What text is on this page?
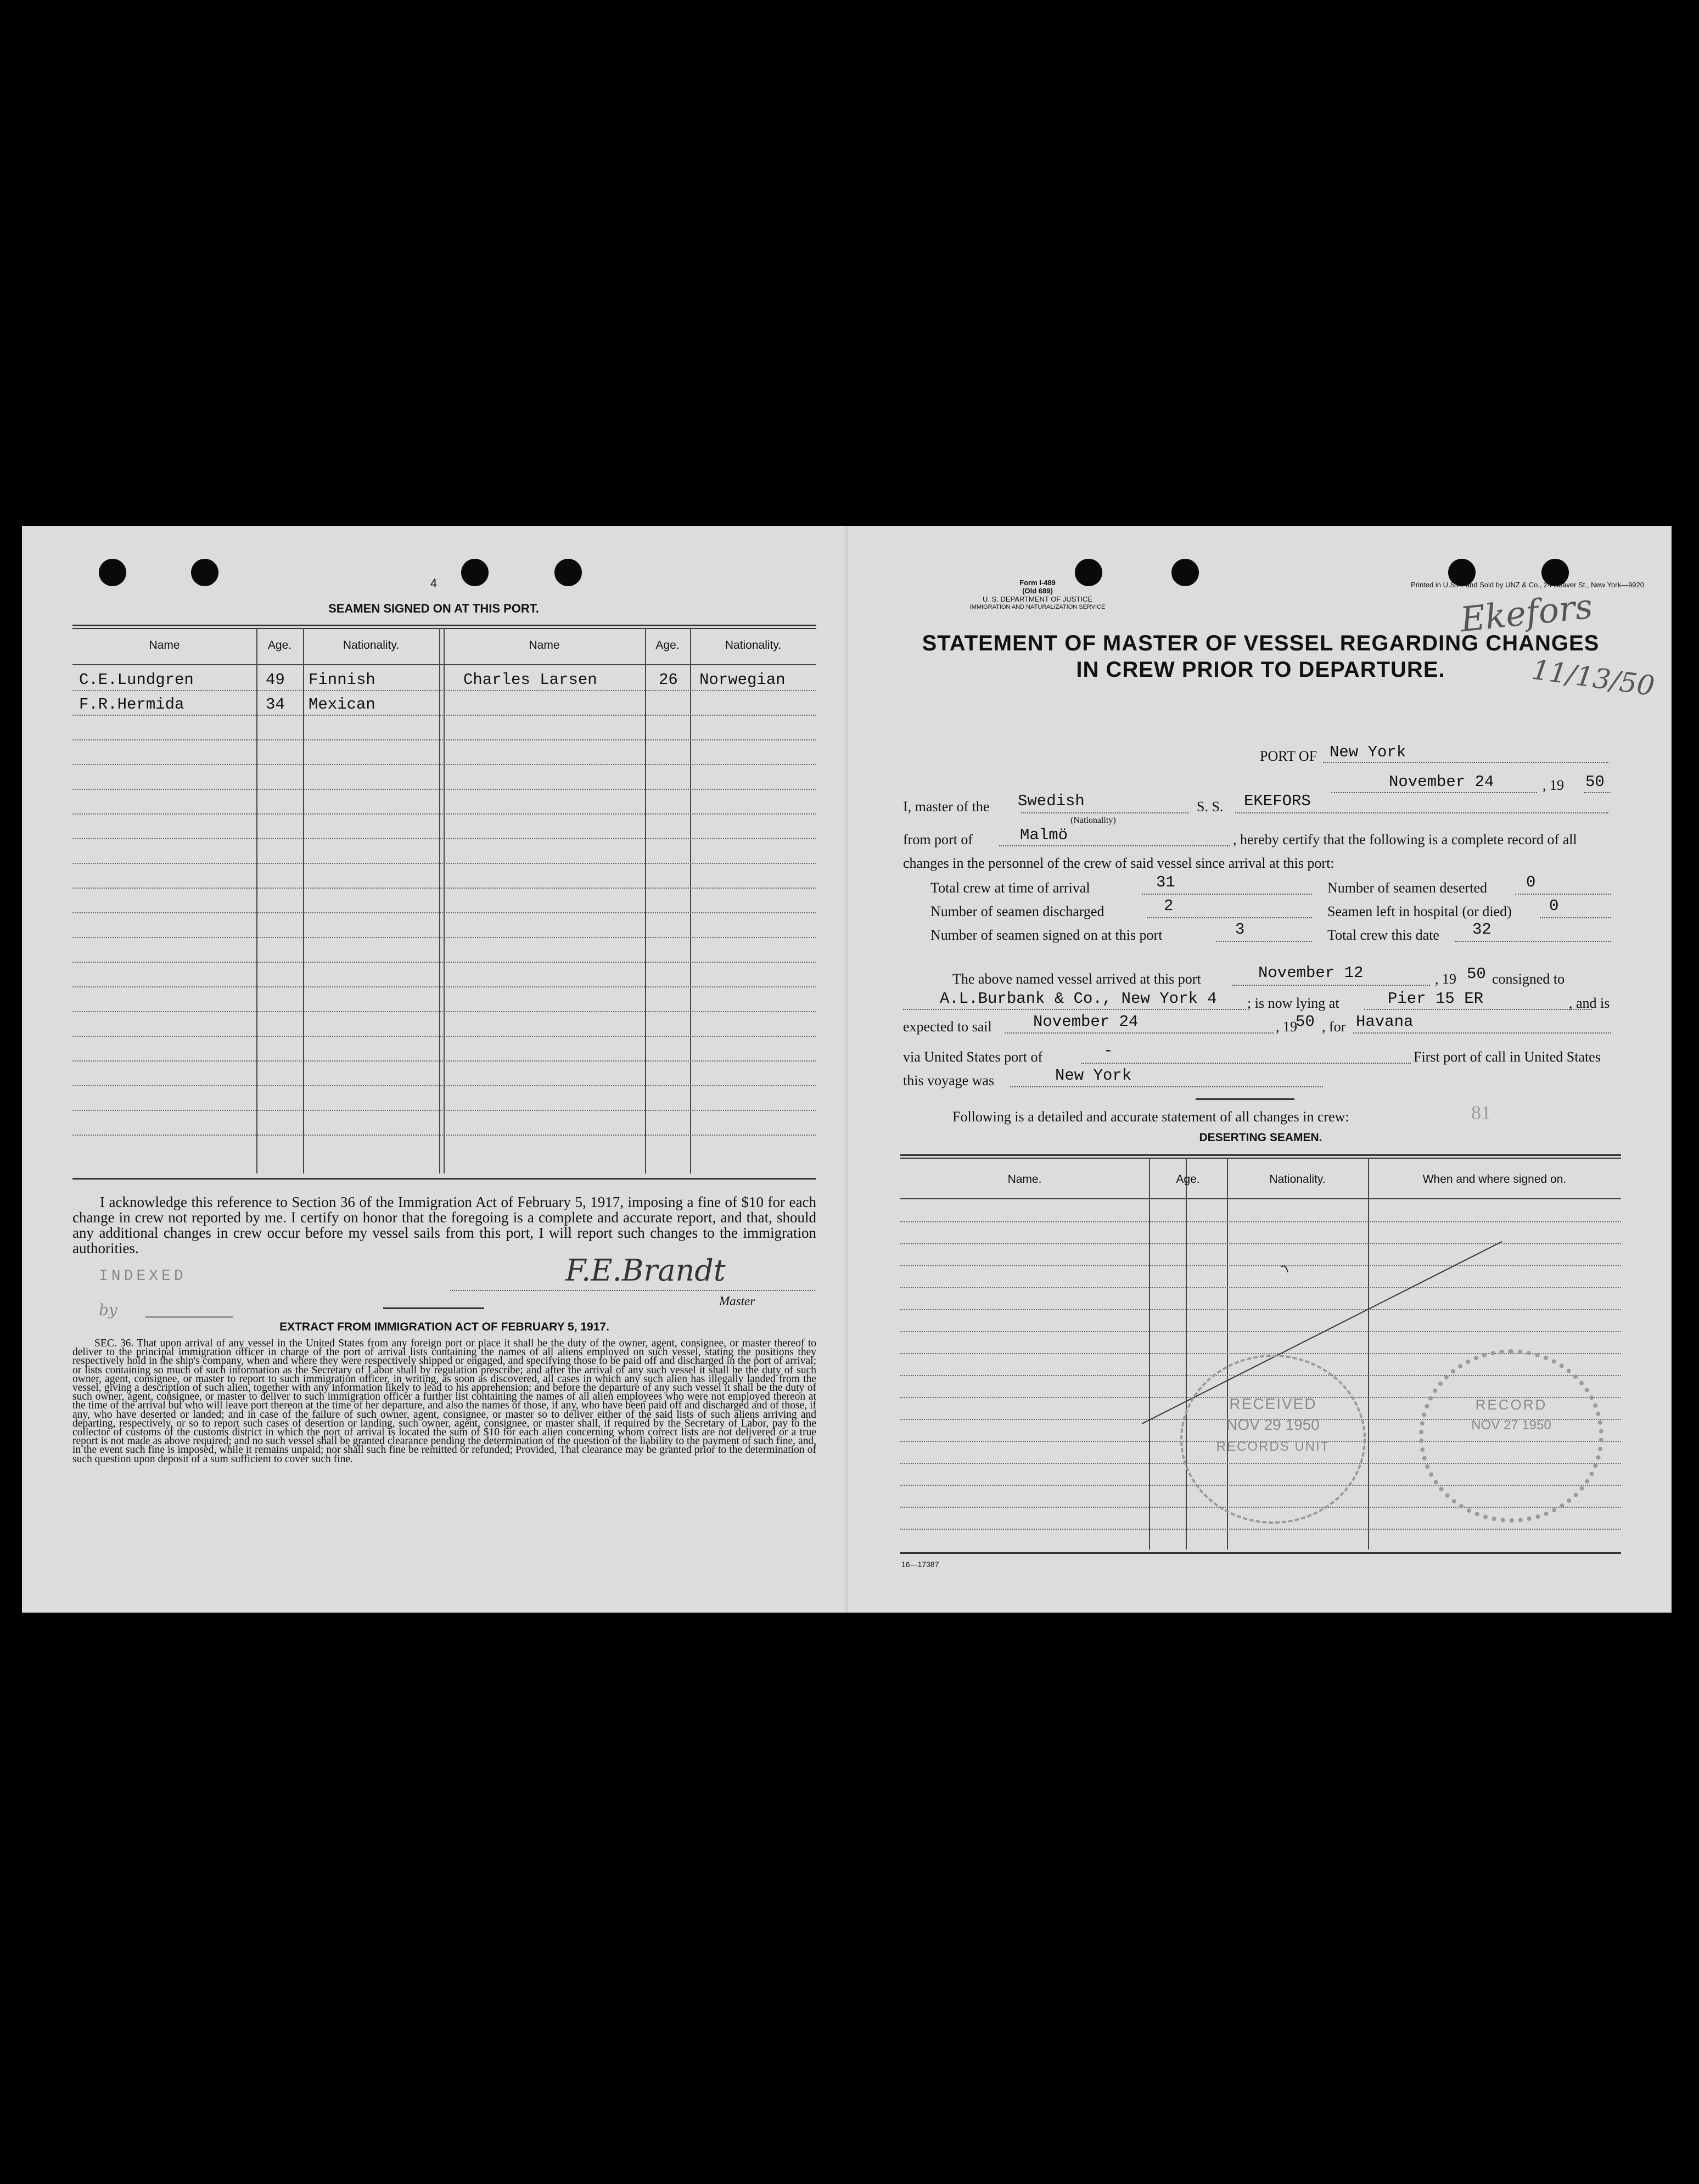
4
SEAMEN SIGNED ON AT THIS PORT.
Name	Age.	Nationality.	Name	Age.	Nationality.
C.E.Lundgren	49 Finnish	Charles Larsen	26 Norwegian
F.R.Hermida	34 Mexican
I acknowledge this reference to Section 36 of the Immigration Act of February 5, 1917, imposing a fine of $10 for each change in crew not reported by me. I certify on honor that the foregoing is a complete and accurate report, and that, should any additional changes in crew occur before my vessel sails from this port, I will report such changes to the immigration authorities.
INDEXED
by
F.E.Brandt
Master
EXTRACT FROM IMMIGRATION ACT OF FEBRUARY 5, 1917.
SEC. 36. That upon arrival of any vessel in the United States from any foreign port or place it shall be the duty of the owner, agent, consignee, or master thereof to deliver to the principal immigration officer in charge of the port of arrival lists containing the names of all aliens employed on such vessel, stating the positions they respectively hold in the ship's company, when and where they were respectively shipped or engaged, and specifying those to be paid off and discharged in the port of arrival; or lists containing so much of such information as the Secretary of Labor shall by regulation prescribe; and after the arrival of any such vessel it shall be the duty of such owner, agent, consignee, or master to report to such immigration officer, in writing, as soon as discovered, all cases in which any such alien has illegally landed from the vessel, giving a description of such alien, together with any information likely to lead to his apprehension; and before the departure of any such vessel it shall be the duty of such owner, agent, consignee, or master to deliver to such immigration officer a further list containing the names of all alien employees who were not employed thereon at the time of the arrival but who will leave port thereon at the time of her departure, and also the names of those, if any, who have been paid off and discharged and of those, if any, who have deserted or landed; and in case of the failure of such owner, agent, consignee, or master so to deliver either of the said lists of such aliens arriving and departing, respectively, or so to report such cases of desertion or landing, such owner, agent, consignee, or master shall, if required by the Secretary of Labor, pay to the collector of customs of the customs district in which the port of arrival is located the sum of $10 for each alien concerning whom correct lists are not delivered or a true report is not made as above required; and no such vessel shall be granted clearance pending the determination of the question of the liability to the payment of such fine, and, in the event such fine is imposed, while it remains unpaid; nor shall such fine be remitted or refunded; Provided, That clearance may be granted prior to the determination of such question upon deposit of a sum sufficient to cover such fine.
Form I-489
(Old 689)
U. S. DEPARTMENT OF JUSTICE
IMMIGRATION AND NATURALIZATION SERVICE
Printed in U.S.A. and Sold by UNZ & Co., 24 Beaver St., New York—9920
Ekefors
11/13/50
STATEMENT OF MASTER OF VESSEL REGARDING CHANGES
IN CREW PRIOR TO DEPARTURE.
PORT OF New York
November 24	, 19 50
I, master of the Swedish
(Nationality)
S. S. EKEFORS
from port of	Malmö	, hereby certify that the following is a complete record of all
changes in the personnel of the crew of said vessel since arrival at this port:
Total crew at time of arrival	31	Number of seamen deserted 0
Number of seamen discharged	2	Seamen left in hospital (or died) 0
Number of seamen signed on at this port	3	Total crew this date 32
The above named vessel arrived at this port	November 12	, 19 50 consigned to
A.L.Burbank & Co., New York 4 ; is now lying at	Pier 15 ER	, and is
expected to sail	November 24	, 19
50 , for Havana
via United States port of	-	First port of call in United States
this voyage was	New York
Following is a detailed and accurate statement of all changes in crew:	81
DESERTING SEAMEN.
Name.	Age.	Nationality.	When and where signed on.
RECEIVED
NOV 29 1950
RECORDS UNIT
RECORD
NOV 27 1950
16—17387
